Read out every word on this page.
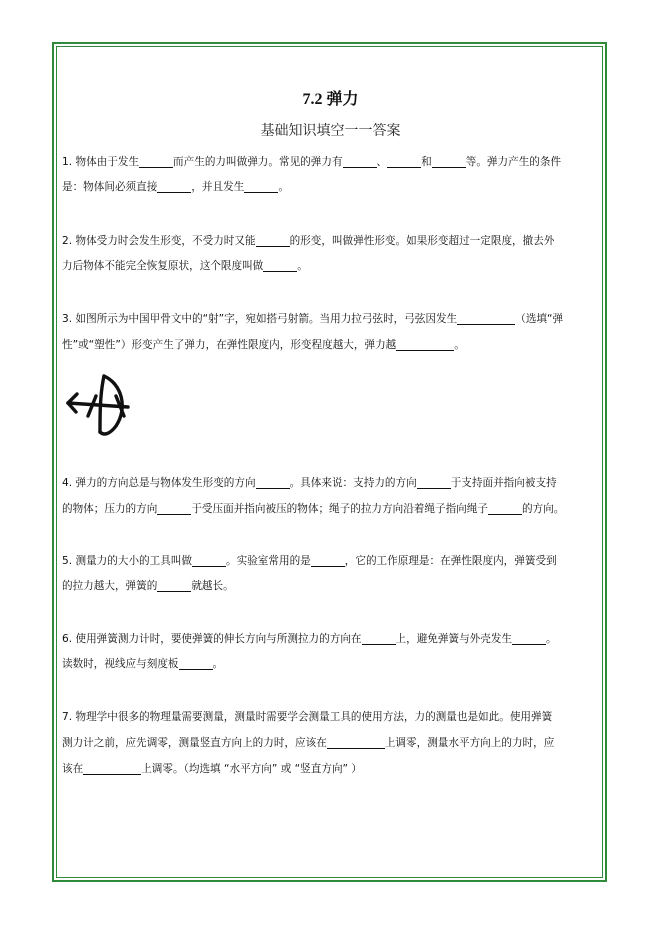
7.2 弹力
基础知识填空一一答案
1. 物体由于发生	而产生的力叫做弹力。常见的弹力有	、	和	等。弹力产生的条件
是：物体间必须直接	，并且发生	。
2. 物体受力时会发生形变，不受力时又能	的形变，叫做弹性形变。如果形变超过一定限度，撤去外
力后物体不能完全恢复原状，这个限度叫做	。
3. 如图所示为中国甲骨文中的“射”字，宛如搭弓射箭。当用力拉弓弦时，弓弦因发生	（选填“弹
性”或“塑性”）形变产生了弹力，在弹性限度内，形变程度越大，弹力越	。
4. 弹力的方向总是与物体发生形变的方向	。具体来说：支持力的方向	于支持面并指向被支持
的物体；压力的方向	于受压面并指向被压的物体；绳子的拉力方向沿着绳子指向绳子	的方向。
5. 测量力的大小的工具叫做	。实验室常用的是	，它的工作原理是：在弹性限度内，弹簧受到
的拉力越大，弹簧的	就越长。
6. 使用弹簧测力计时，要使弹簧的伸长方向与所测拉力的方向在	上，避免弹簧与外壳发生	。
读数时，视线应与刻度板	。
7. 物理学中很多的物理量需要测量，测量时需要学会测量工具的使用方法，力的测量也是如此。使用弹簧
测力计之前，应先调零，测量竖直方向上的力时，应该在	上调零，测量水平方向上的力时，应
该在	上调零。（均选填 “水平方向” 或 “竖直方向” ）
